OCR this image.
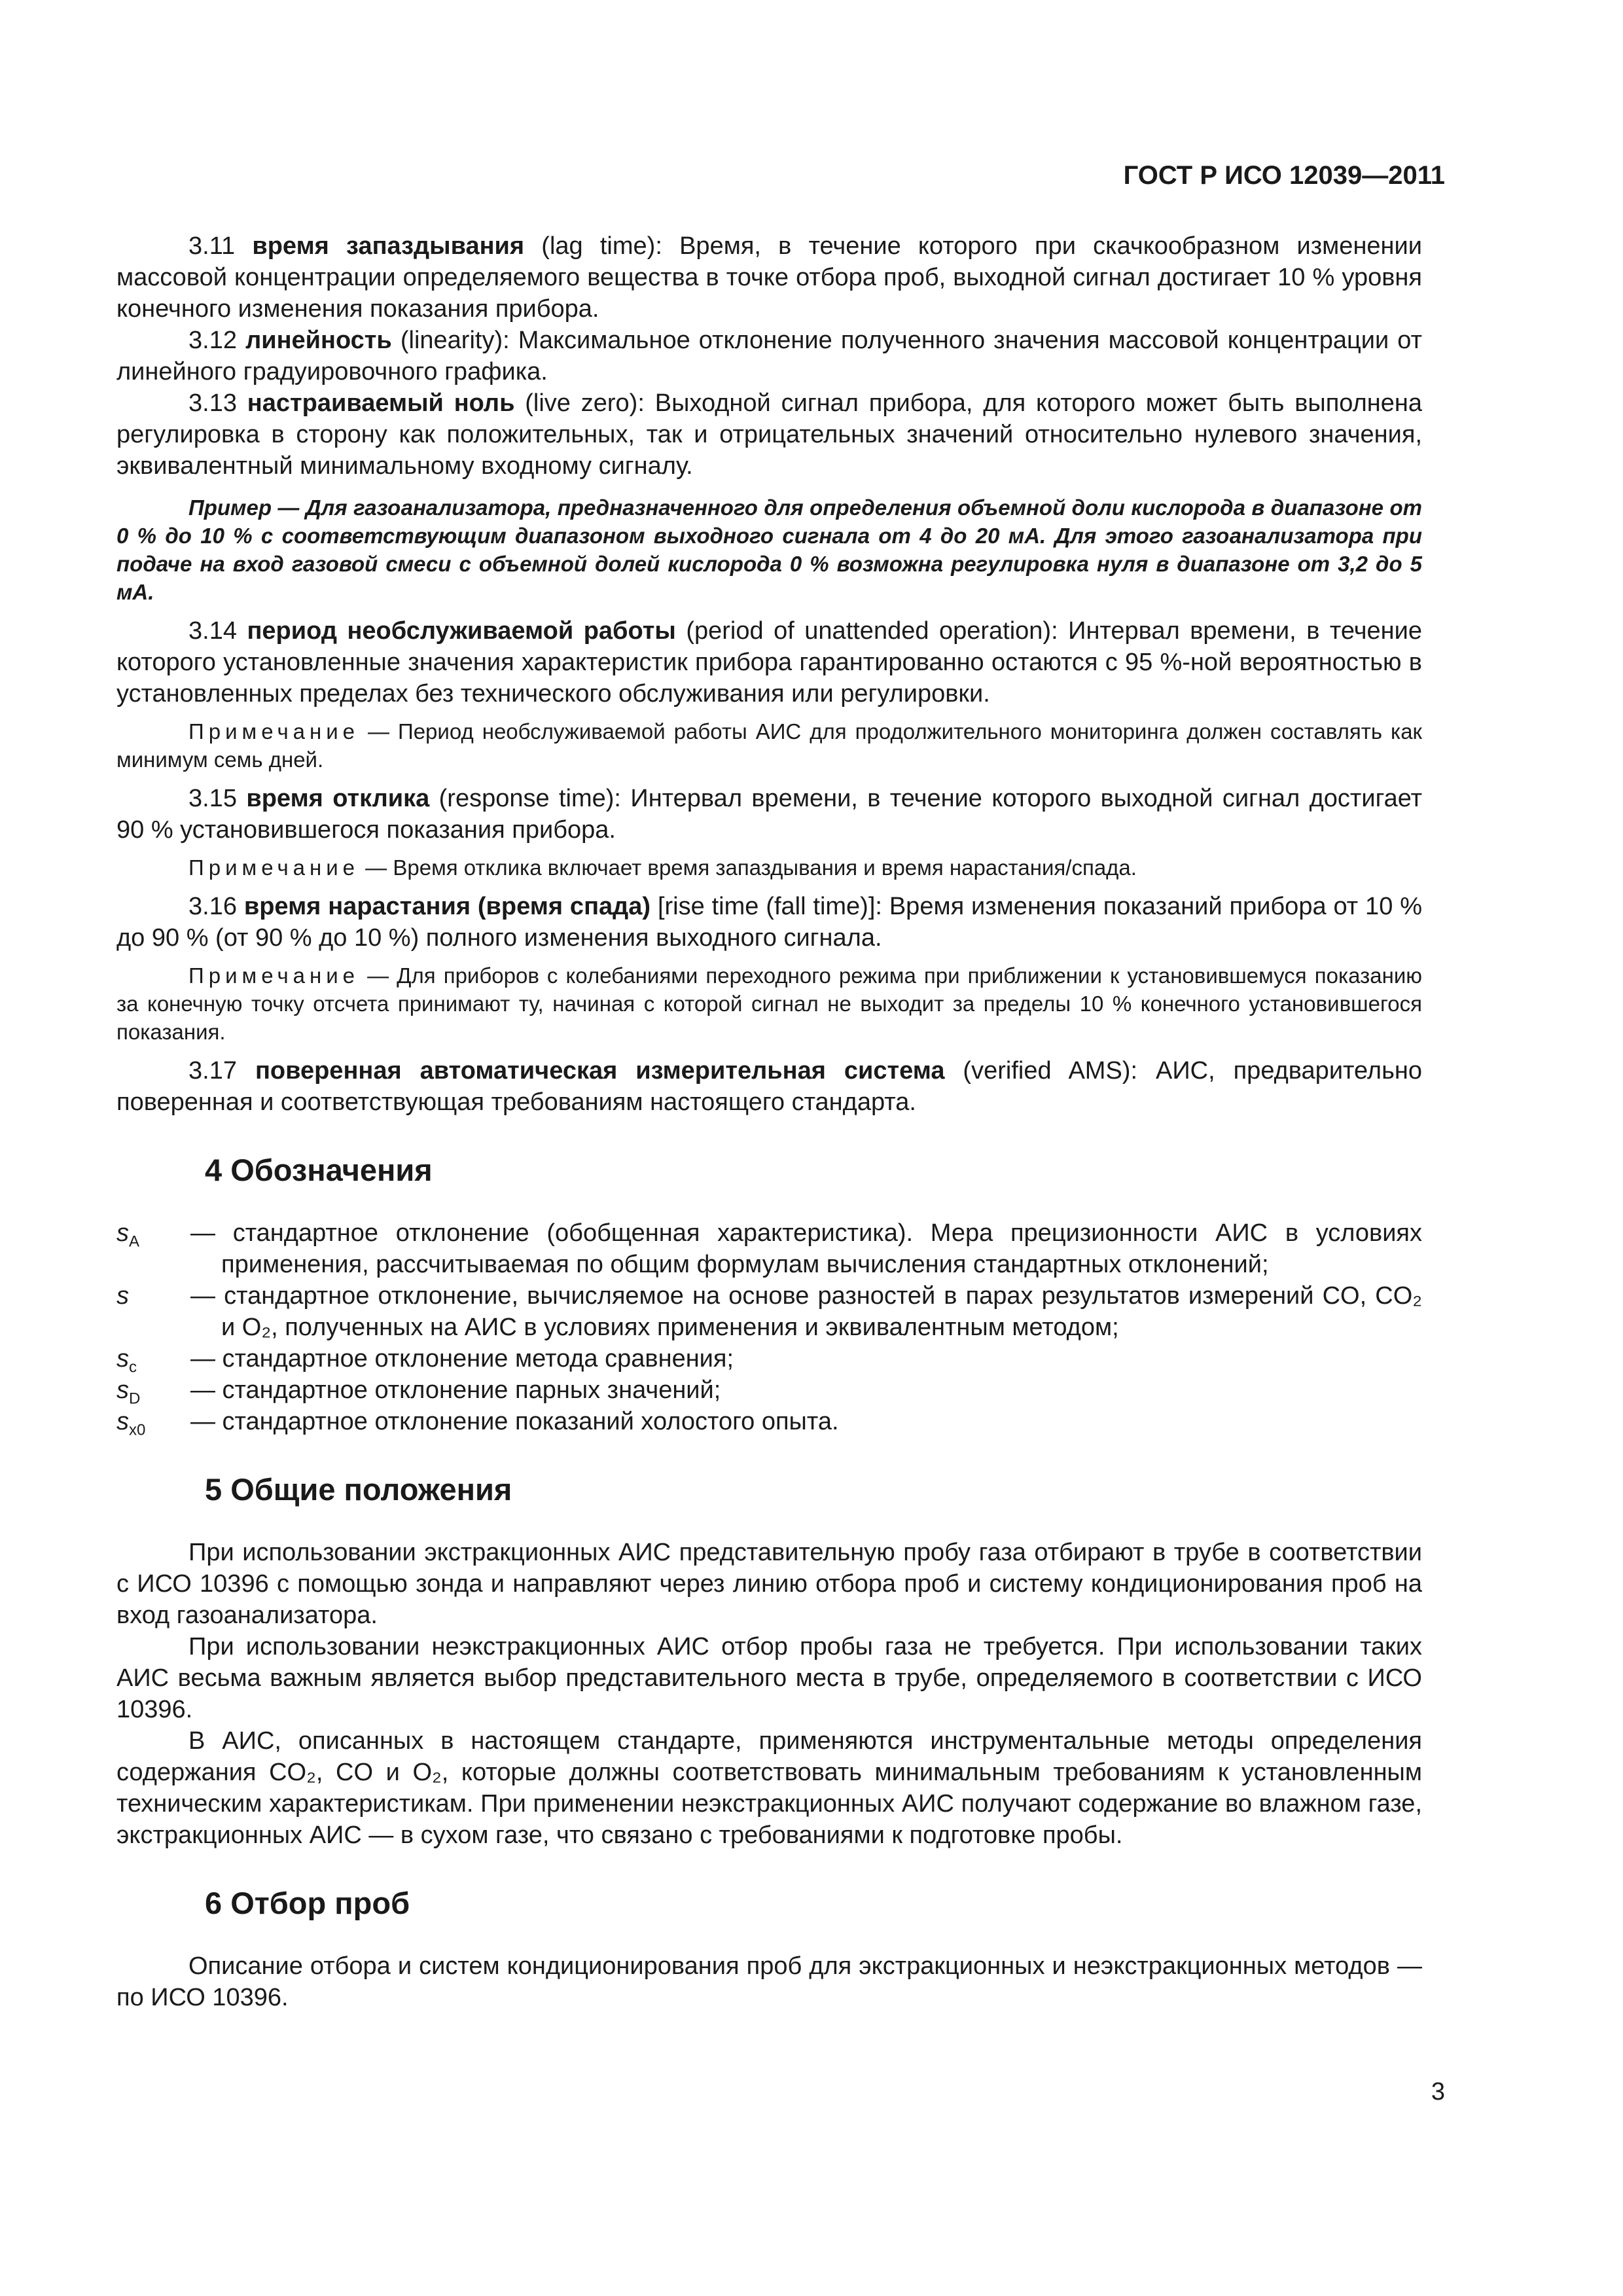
ГОСТ Р ИСО 12039—2011

3.11 время запаздывания (lag time): Время, в течение которого при скачкообразном изменении массовой концентрации определяемого вещества в точке отбора проб, выходной сигнал достигает 10 % уровня конечного изменения показания прибора.

3.12 линейность (linearity): Максимальное отклонение полученного значения массовой концентрации от линейного градуировочного графика.

3.13 настраиваемый ноль (live zero): Выходной сигнал прибора, для которого может быть выполнена регулировка в сторону как положительных, так и отрицательных значений относительно нулевого значения, эквивалентный минимальному входному сигналу.

Пример — Для газоанализатора, предназначенного для определения объемной доли кислорода в диапазоне от 0 % до 10 % с соответствующим диапазоном выходного сигнала от 4 до 20 мА. Для этого газоанализатора при подаче на вход газовой смеси с объемной долей кислорода 0 % возможна регулировка нуля в диапазоне от 3,2 до 5 мА.

3.14 период необслуживаемой работы (period of unattended operation): Интервал времени, в течение которого установленные значения характеристик прибора гарантированно остаются с 95 %-ной вероятностью в установленных пределах без технического обслуживания или регулировки.

Примечание — Период необслуживаемой работы АИС для продолжительного мониторинга должен составлять как минимум семь дней.

3.15 время отклика (response time): Интервал времени, в течение которого выходной сигнал достигает 90 % установившегося показания прибора.

Примечание — Время отклика включает время запаздывания и время нарастания/спада.

3.16 время нарастания (время спада) [rise time (fall time)]: Время изменения показаний прибора от 10 % до 90 % (от 90 % до 10 %) полного изменения выходного сигнала.

Примечание — Для приборов с колебаниями переходного режима при приближении к установившемуся показанию за конечную точку отсчета принимают ту, начиная с которой сигнал не выходит за пределы 10 % конечного установившегося показания.

3.17 поверенная автоматическая измерительная система (verified AMS): АИС, предварительно поверенная и соответствующая требованиям настоящего стандарта.

4 Обозначения
$s_A$ — стандартное отклонение (обобщенная характеристика). Мера прецизионности АИС в условиях применения, рассчитываемая по общим формулам вычисления стандартных отклонений;

s — стандартное отклонение, вычисляемое на основе разностей в парах результатов измерений CO, CO₂ и O₂, полученных на АИС в условиях применения и эквивалентным методом;

$s_c$ — стандартное отклонение метода сравнения;

$s_D$ — стандартное отклонение парных значений;

$s_{x0}$ — стандартное отклонение показаний холостого опыта.

5 Общие положения

При использовании экстракционных АИС представительную пробу газа отбирают в трубе в соответствии с ИСО 10396 с помощью зонда и направляют через линию отбора проб и систему кондиционирования проб на вход газоанализатора.

При использовании неэкстракционных АИС отбор пробы газа не требуется. При использовании таких АИС весьма важным является выбор представительного места в трубе, определяемого в соответствии с ИСО 10396.

В АИС, описанных в настоящем стандарте, применяются инструментальные методы определения содержания CO₂, CO и O₂, которые должны соответствовать минимальным требованиям к установленным техническим характеристикам. При применении неэкстракционных АИС получают содержание во влажном газе, экстракционных АИС — в сухом газе, что связано с требованиями к подготовке пробы.

6 Отбор проб

Описание отбора и систем кондиционирования проб для экстракционных и неэкстракционных методов — по ИСО 10396.

3
